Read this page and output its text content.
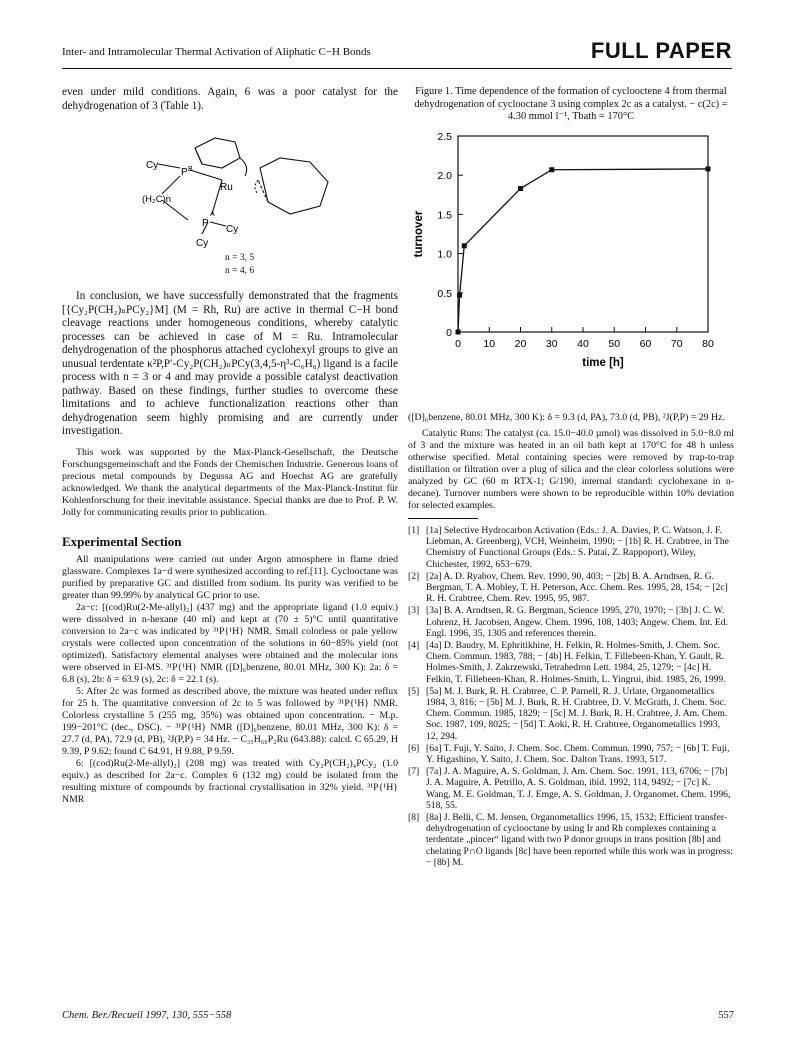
Inter- and Intramolecular Thermal Activation of Aliphatic C−H Bonds	FULL PAPER

even under mild conditions. Again, 6 was a poor catalyst for the dehydrogenation of 3 (Table 1).

Cy
P B
Ru
(H₂C)n
P
A
Cy
Cy
n = 3, 5
n = 4, 6

In conclusion, we have successfully demonstrated that the fragments [{Cy₂P(CH₂)ₙPCy₂}M] (M = Rh, Ru) are active in thermal C−H bond cleavage reactions under homogeneous conditions, whereby catalytic processes can be achieved in case of M = Ru. Intramolecular dehydrogenation of the phosphorus attached cyclohexyl groups to give an unusual terdentate κ²P,P′-Cy₂P(CH₂)ₙPCy(3,4,5-η³-C₆H₈) ligand is a facile process with n = 3 or 4 and may provide a possible catalyst deactivation pathway. Based on these findings, further studies to overcome these limitations and to achieve functionalization reactions other than dehydrogenation seem highly promising and are currently under investigation.

This work was supported by the Max-Planck-Gesellschaft, the Deutsche Forschungsgemeinschaft and the Fonds der Chemischen Industrie. Generous loans of precious metal compounds by Degussa AG and Hoechst AG are gratefully acknowledged. We thank the analytical departments of the Max-Planck-Institut für Kohlenforschung for their inevitable assistance. Special thanks are due to Prof. P. W. Jolly for communicating results prior to publication.

Experimental Section

All manipulations were carried out under Argon atmosphere in flame dried glassware. Complexes 1a−d were synthesized according to ref.[11]. Cyclooctane was purified by preparative GC and distilled from sodium. Its purity was verified to be greater than 99.99% by analytical GC prior to use.

2a−c: [(cod)Ru(2-Me-allyl)₂] (437 mg) and the appropriate ligand (1.0 equiv.) were dissolved in n-hexane (40 ml) and kept at (70 ± 5)°C until quantitative conversion to 2a−c was indicated by ³¹P{¹H} NMR. Small colorless or pale yellow crystals were collected upon concentration of the solutions in 60−85% yield (not optimized). Satisfactory elemental analyses were obtained and the molecular ions were observed in EI-MS. ³¹P{¹H} NMR ([D]₆benzene, 80.01 MHz, 300 K): 2a: δ = 6.8 (s), 2b: δ = 63.9 (s), 2c: δ = 22.1 (s).

5: After 2c was formed as described above, the mixture was heated under reflux for 25 h. The quantitative conversion of 2c to 5 was followed by ³¹P{¹H} NMR. Colorless crystalline 5 (255 mg, 35%) was obtained upon concentration. − M.p. 199−201°C (dec., DSC). − ³¹P{¹H} NMR ([D]₆benzene, 80.01 MHz, 300 K): δ = 27.7 (d, PA), 72.9 (d, PB), ²J(P,P) = 34 Hz. − C₃₅H₆₀P₂Ru (643.88): calcd. C 65.29, H 9.39, P 9.62; found C 64.91, H 9.88, P 9.59.

6: [(cod)Ru(2-Me-allyl)₂] (208 mg) was treated with Cy₂P(CH₂)₄PCy₂ (1.0 equiv.) as described for 2a−c. Complex 6 (132 mg) could be isolated from the resulting mixture of compounds by fractional crystallisation in 32% yield. ³¹P{¹H} NMR

Figure 1. Time dependence of the formation of cyclooctene 4 from thermal dehydrogenation of cyclooctane 3 using complex 2c as a catalyst. − c(2c) = 4.30 mmol l⁻¹, Tbath = 170°C

0
0.5
1.0
1.5
2.0
2.5
0 10 20 30 40 50 60 70 80
time [h]
turnover

([D]₆benzene, 80.01 MHz, 300 K): δ = 9.3 (d, PA), 73.0 (d, PB), ²J(P,P) = 29 Hz.

Catalytic Runs: The catalyst (ca. 15.0−40.0 µmol) was dissolved in 5.0−8.0 ml of 3 and the mixture was heated in an oil bath kept at 170°C for 48 h unless otherwise specified. Metal containing species were removed by trap-to-trap distillation or filtration over a plug of silica and the clear colorless solutions were analyzed by GC (60 m RTX-1; G/190, internal standard: cyclohexane in n-decane). Turnover numbers were shown to be reproducible within 10% deviation for selected examples.

[1] [1a] Selective Hydrocarbon Activation (Eds.: J. A. Davies, P. C. Watson, J. F. Liebman, A. Greenberg), VCH, Weinheim, 1990; − [1b] R. H. Crabtree, in The Chemistry of Functional Groups (Eds.: S. Patai, Z. Rappoport), Wiley, Chichester, 1992, 653−679.
[2] [2a] A. D. Ryabov, Chem. Rev. 1990, 90, 403; − [2b] B. A. Arndtsen, R. G. Bergman, T. A. Mobley, T. H. Peterson, Acc. Chem. Res. 1995, 28, 154; − [2c] R. H. Crabtree, Chem. Rev. 1995, 95, 987.
[3] [3a] B. A. Arndtsen, R. G. Bergman, Science 1995, 270, 1970; − [3b] J. C. W. Lohrenz, H. Jacobsen, Angew. Chem. 1996, 108, 1403; Angew. Chem. Int. Ed. Engl. 1996, 35, 1305 and references therein.
[4] [4a] D. Baudry, M. Ephritikhine, H. Felkin, R. Holmes-Smith, J. Chem. Soc. Chem. Commun. 1983, 788; − [4b] H. Felkin, T. Fillebeen-Khan, Y. Gault, R. Holmes-Smith, J. Zakrzewski, Tetrahedron Lett. 1984, 25, 1279; − [4c] H. Felkin, T. Fillebeen-Khan, R. Holmes-Smith, L. Yingrui, ibid. 1985, 26, 1999.
[5] [5a] M. J. Burk, R. H. Crabtree, C. P. Parnell, R. J. Urlate, Organometallics 1984, 3, 816; − [5b] M. J. Burk, R. H. Crabtree, D. V. McGrath, J. Chem. Soc. Chem. Commun. 1985, 1829; − [5c] M. J. Burk, R. H. Crabtree, J. Am. Chem. Soc. 1987, 109, 8025; − [5d] T. Aoki, R. H. Crabtree, Organometallics 1993, 12, 294.
[6] [6a] T. Fuji, Y. Saito, J. Chem. Soc. Chem. Commun. 1990, 757; − [6b] T. Fuji, Y. Higashino, Y. Saito, J. Chem. Soc. Dalton Trans. 1993, 517.
[7] [7a] J. A. Maguire, A. S. Goldman, J. Am. Chem. Soc. 1991, 113, 6706; − [7b] J. A. Maguire, A. Petrillo, A. S. Goldman, ibid. 1992, 114, 9492; − [7c] K. Wang, M. E. Goldman, T. J. Emge, A. S. Goldman, J. Organomet. Chem. 1996, 518, 55.
[8] [8a] J. Belli, C. M. Jensen, Organometallics 1996, 15, 1532; Efficient transfer-dehydrogenation of cyclooctane by using Ir and Rh complexes containing a terdentate „pincer“ ligand with two P donor groups in trans position [8b] and chelating P∩O ligands [8c] have been reported while this work was in progress: − [8b] M.
Chem. Ber./Recueil 1997, 130, 555−558	557
